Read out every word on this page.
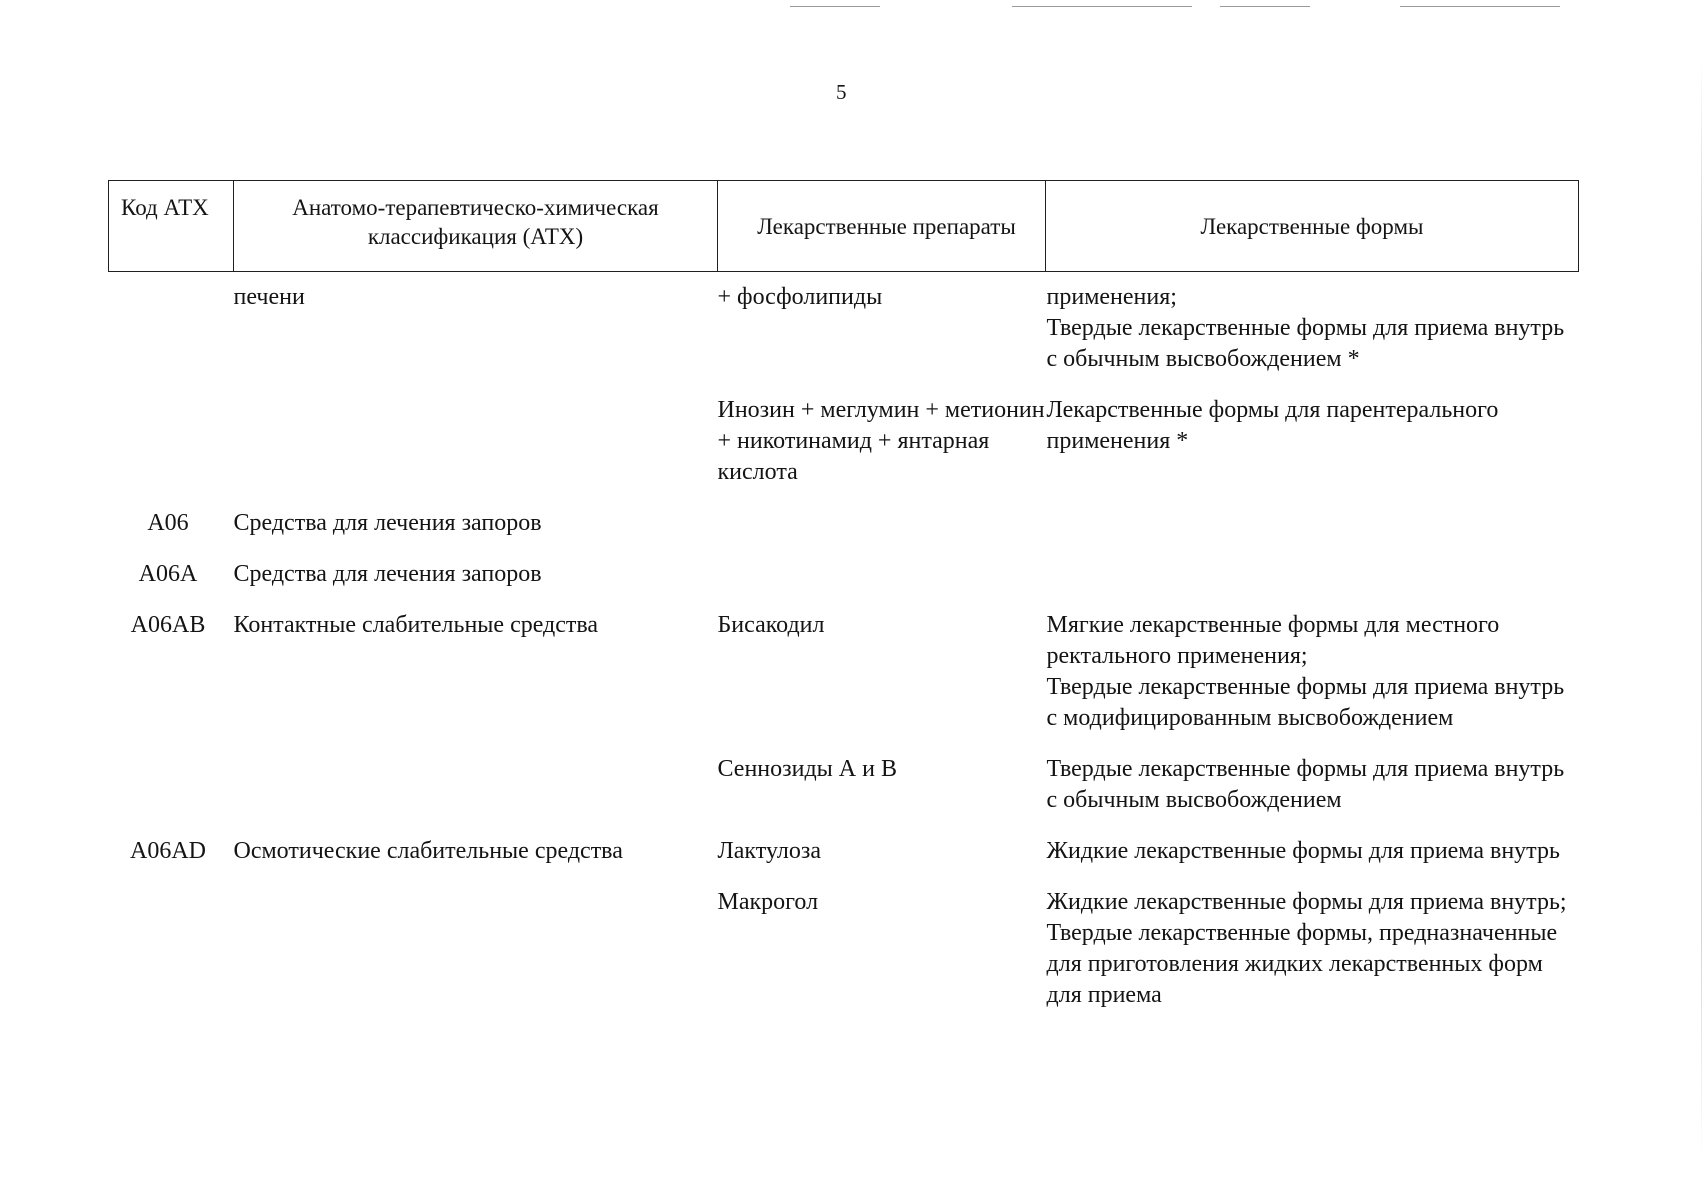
5
Код АТХ	Анатомо-терапевтическо-химическая классификация (АТХ)	Лекарственные препараты	Лекарственные формы
	печени	+ фосфолипиды	применения;
Твердые лекарственные формы для приема внутрь с обычным высвобождением *

		Инозин + меглумин + метионин + никотинамид + янтарная кислота	Лекарственные формы для парентерального применения *

A06	Средства для лечения запоров		
A06A	Средства для лечения запоров		
A06AB	Контактные слабительные средства	Бисакодил	Мягкие лекарственные формы для местного ректального применения;
Твердые лекарственные формы для приема внутрь с модифицированным высвобождением

		Сеннозиды А и В	Твердые лекарственные формы для приема внутрь с обычным высвобождением

A06AD	Осмотические слабительные средства	Лактулоза	Жидкие лекарственные формы для приема внутрь

		Макрогол	Жидкие лекарственные формы для приема внутрь;
Твердые лекарственные формы, предназначенные для приготовления жидких лекарственных форм для приема
